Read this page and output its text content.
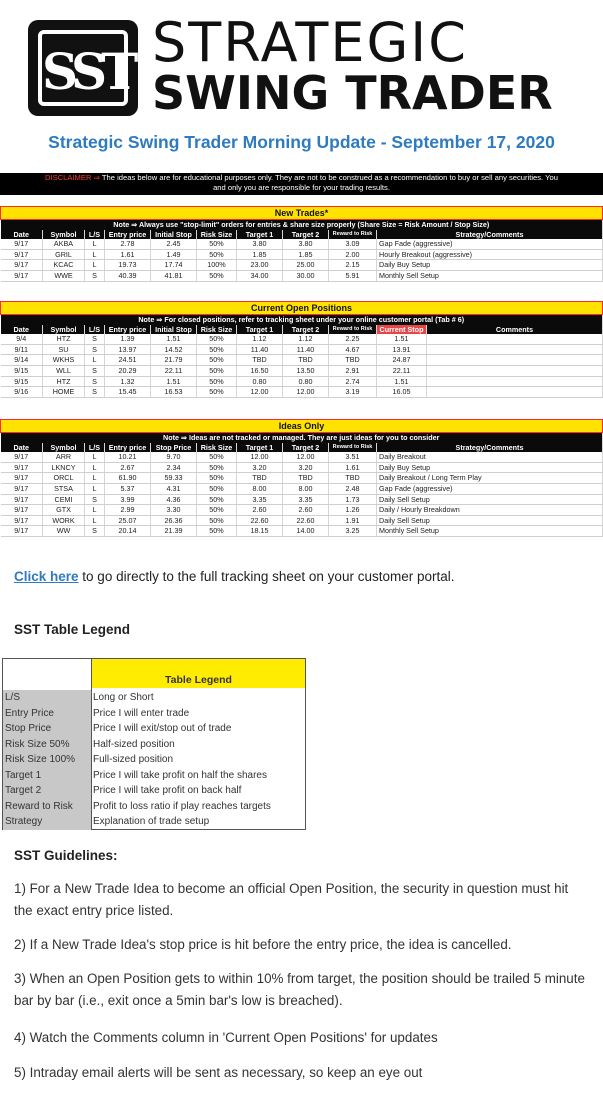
SST STRATEGIC
SWING TRADER
Strategic Swing Trader Morning Update - September 17, 2020
DISCLAIMER ⇒ The ideas below are for educational purposes only. They are not to be construed as a recommendation to buy or sell any securities. You
and only you are responsible for your trading results.
New Trades*									
Note ⇒ Always use "stop-limit" orders for entries & share size properly (Share Size = Risk Amount / Stop Size)									
Date	Symbol	L/S	Entry price	Initial Stop	Risk Size	Target 1	Target 2	Reward to Risk	Strategy/Comments
9/17	AKBA	L	2.78	2.45	50%	3.80	3.80	3.09	Gap Fade (aggressive)
9/17	GRIL	L	1.61	1.49	50%	1.85	1.85	2.00	Hourly Breakout (aggressive)
9/17	KCAC	L	19.73	17.74	100%	23.00	25.00	2.15	Daily Buy Setup
9/17	WWE	S	40.39	41.81	50%	34.00	30.00	5.91	Monthly Sell Setup
Current Open Positions										
Note ⇒ For closed positions, refer to tracking sheet under your online customer portal (Tab # 6)										
Date	Symbol	L/S	Entry price	Initial Stop	Risk Size	Target 1	Target 2	Reward to Risk	Current Stop	Comments
9/4	HTZ	S	1.39	1.51	50%	1.12	1.12	2.25	1.51	
9/11	SU	S	13.97	14.52	50%	11.40	11.40	4.67	13.91	
9/14	WKHS	L	24.51	21.79	50%	TBD	TBD	TBD	24.87	
9/15	WLL	S	20.29	22.11	50%	16.50	13.50	2.91	22.11	
9/15	HTZ	S	1.32	1.51	50%	0.80	0.80	2.74	1.51	
9/16	HOME	S	15.45	16.53	50%	12.00	12.00	3.19	16.05	
Ideas Only									
Note ⇒ Ideas are not tracked or managed. They are just ideas for you to consider									
Date	Symbol	L/S	Entry price	Stop Price	Risk Size	Target 1	Target 2	Reward to Risk	Strategy/Comments
9/17	ARR	L	10.21	9.70	50%	12.00	12.00	3.51	Daily Breakout
9/17	LKNCY	L	2.67	2.34	50%	3.20	3.20	1.61	Daily Buy Setup
9/17	ORCL	L	61.90	59.33	50%	TBD	TBD	TBD	Daily Breakout / Long Term Play
9/17	STSA	L	5.37	4.31	50%	8.00	8.00	2.48	Gap Fade (aggressive)
9/17	CEMI	S	3.99	4.36	50%	3.35	3.35	1.73	Daily Sell Setup
9/17	GTX	L	2.99	3.30	50%	2.60	2.60	1.26	Daily / Hourly Breakdown
9/17	WORK	L	25.07	26.36	50%	22.60	22.60	1.91	Daily Sell Setup
9/17	WW	S	20.14	21.39	50%	18.15	14.00	3.25	Monthly Sell Setup
Click here to go directly to the full tracking sheet on your customer portal.
SST Table Legend
Table Legend
L/S	Long or Short
Entry Price	Price I will enter trade
Stop Price	Price I will exit/stop out of trade
Risk Size 50%	Half-sized position
Risk Size 100%	Full-sized position
Target 1	Price I will take profit on half the shares
Target 2	Price I will take profit on back half
Reward to Risk	Profit to loss ratio if play reaches targets
Strategy	Explanation of trade setup
SST Guidelines:
1) For a New Trade Idea to become an official Open Position, the security in question must hit the exact entry price listed.
2) If a New Trade Idea's stop price is hit before the entry price, the idea is cancelled.
3) When an Open Position gets to within 10% from target, the position should be trailed 5 minute bar by bar (i.e., exit once a 5min bar's low is breached).
4) Watch the Comments column in 'Current Open Positions' for updates
5) Intraday email alerts will be sent as necessary, so keep an eye out
